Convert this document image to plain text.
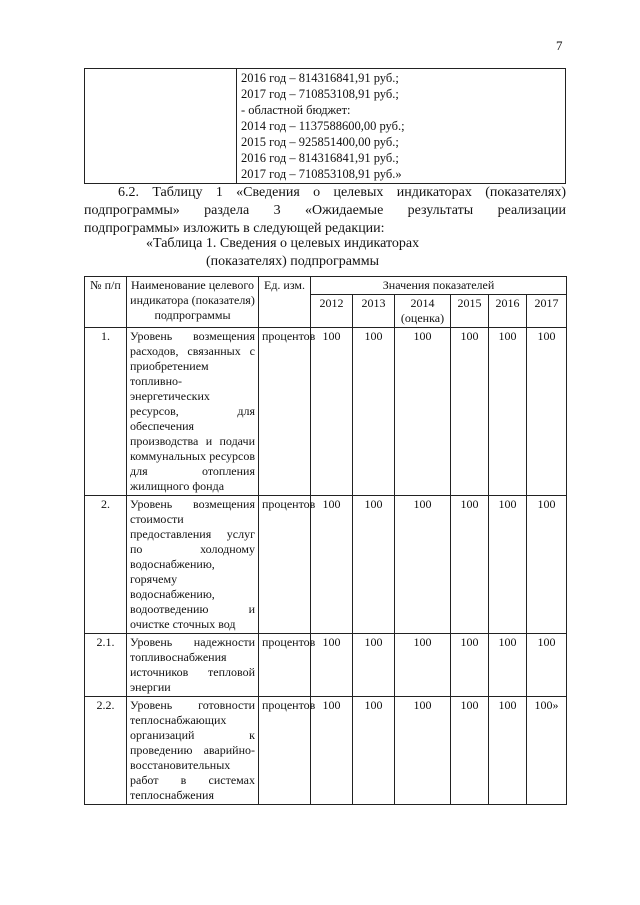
7

2016 год – 814316841,91 руб.;
2017 год – 710853108,91 руб.;
- областной бюджет:
2014 год – 1137588600,00 руб.;
2015 год – 925851400,00 руб.;
2016 год – 814316841,91 руб.;
2017 год – 710853108,91 руб.»

6.2. Таблицу 1 «Сведения о целевых индикаторах (показателях) подпрограммы» раздела 3 «Ожидаемые результаты реализации
подпрограммы» изложить в следующей редакции:

«Таблица 1. Сведения о целевых индикаторах
(показателях) подпрограммы
№ п/п	Наименование целевого индикатора (показателя) подпрограммы	Ед. изм.	Значения показателей					
			2012	2013	2014 (оценка)	2015	2016	2017
1.	Уровень возмещения расходов, связанных с приобретением топливно-энергетических ресурсов, для обеспечения производства и подачи коммунальных ресурсов для отопления жилищного фонда	процентов	100	100	100	100	100	100
2.	Уровень возмещения стоимости предоставления услуг по холодному водоснабжению, горячему водоснабжению, водоотведению и очистке сточных вод	процентов	100	100	100	100	100	100
2.1.	Уровень надежности топливоснабжения источников тепловой энергии	процентов	100	100	100	100	100	100
2.2.	Уровень готовности теплоснабжающих организаций к проведению аварийно-восстановительных работ в системах теплоснабжения	процентов	100	100	100	100	100	100»
